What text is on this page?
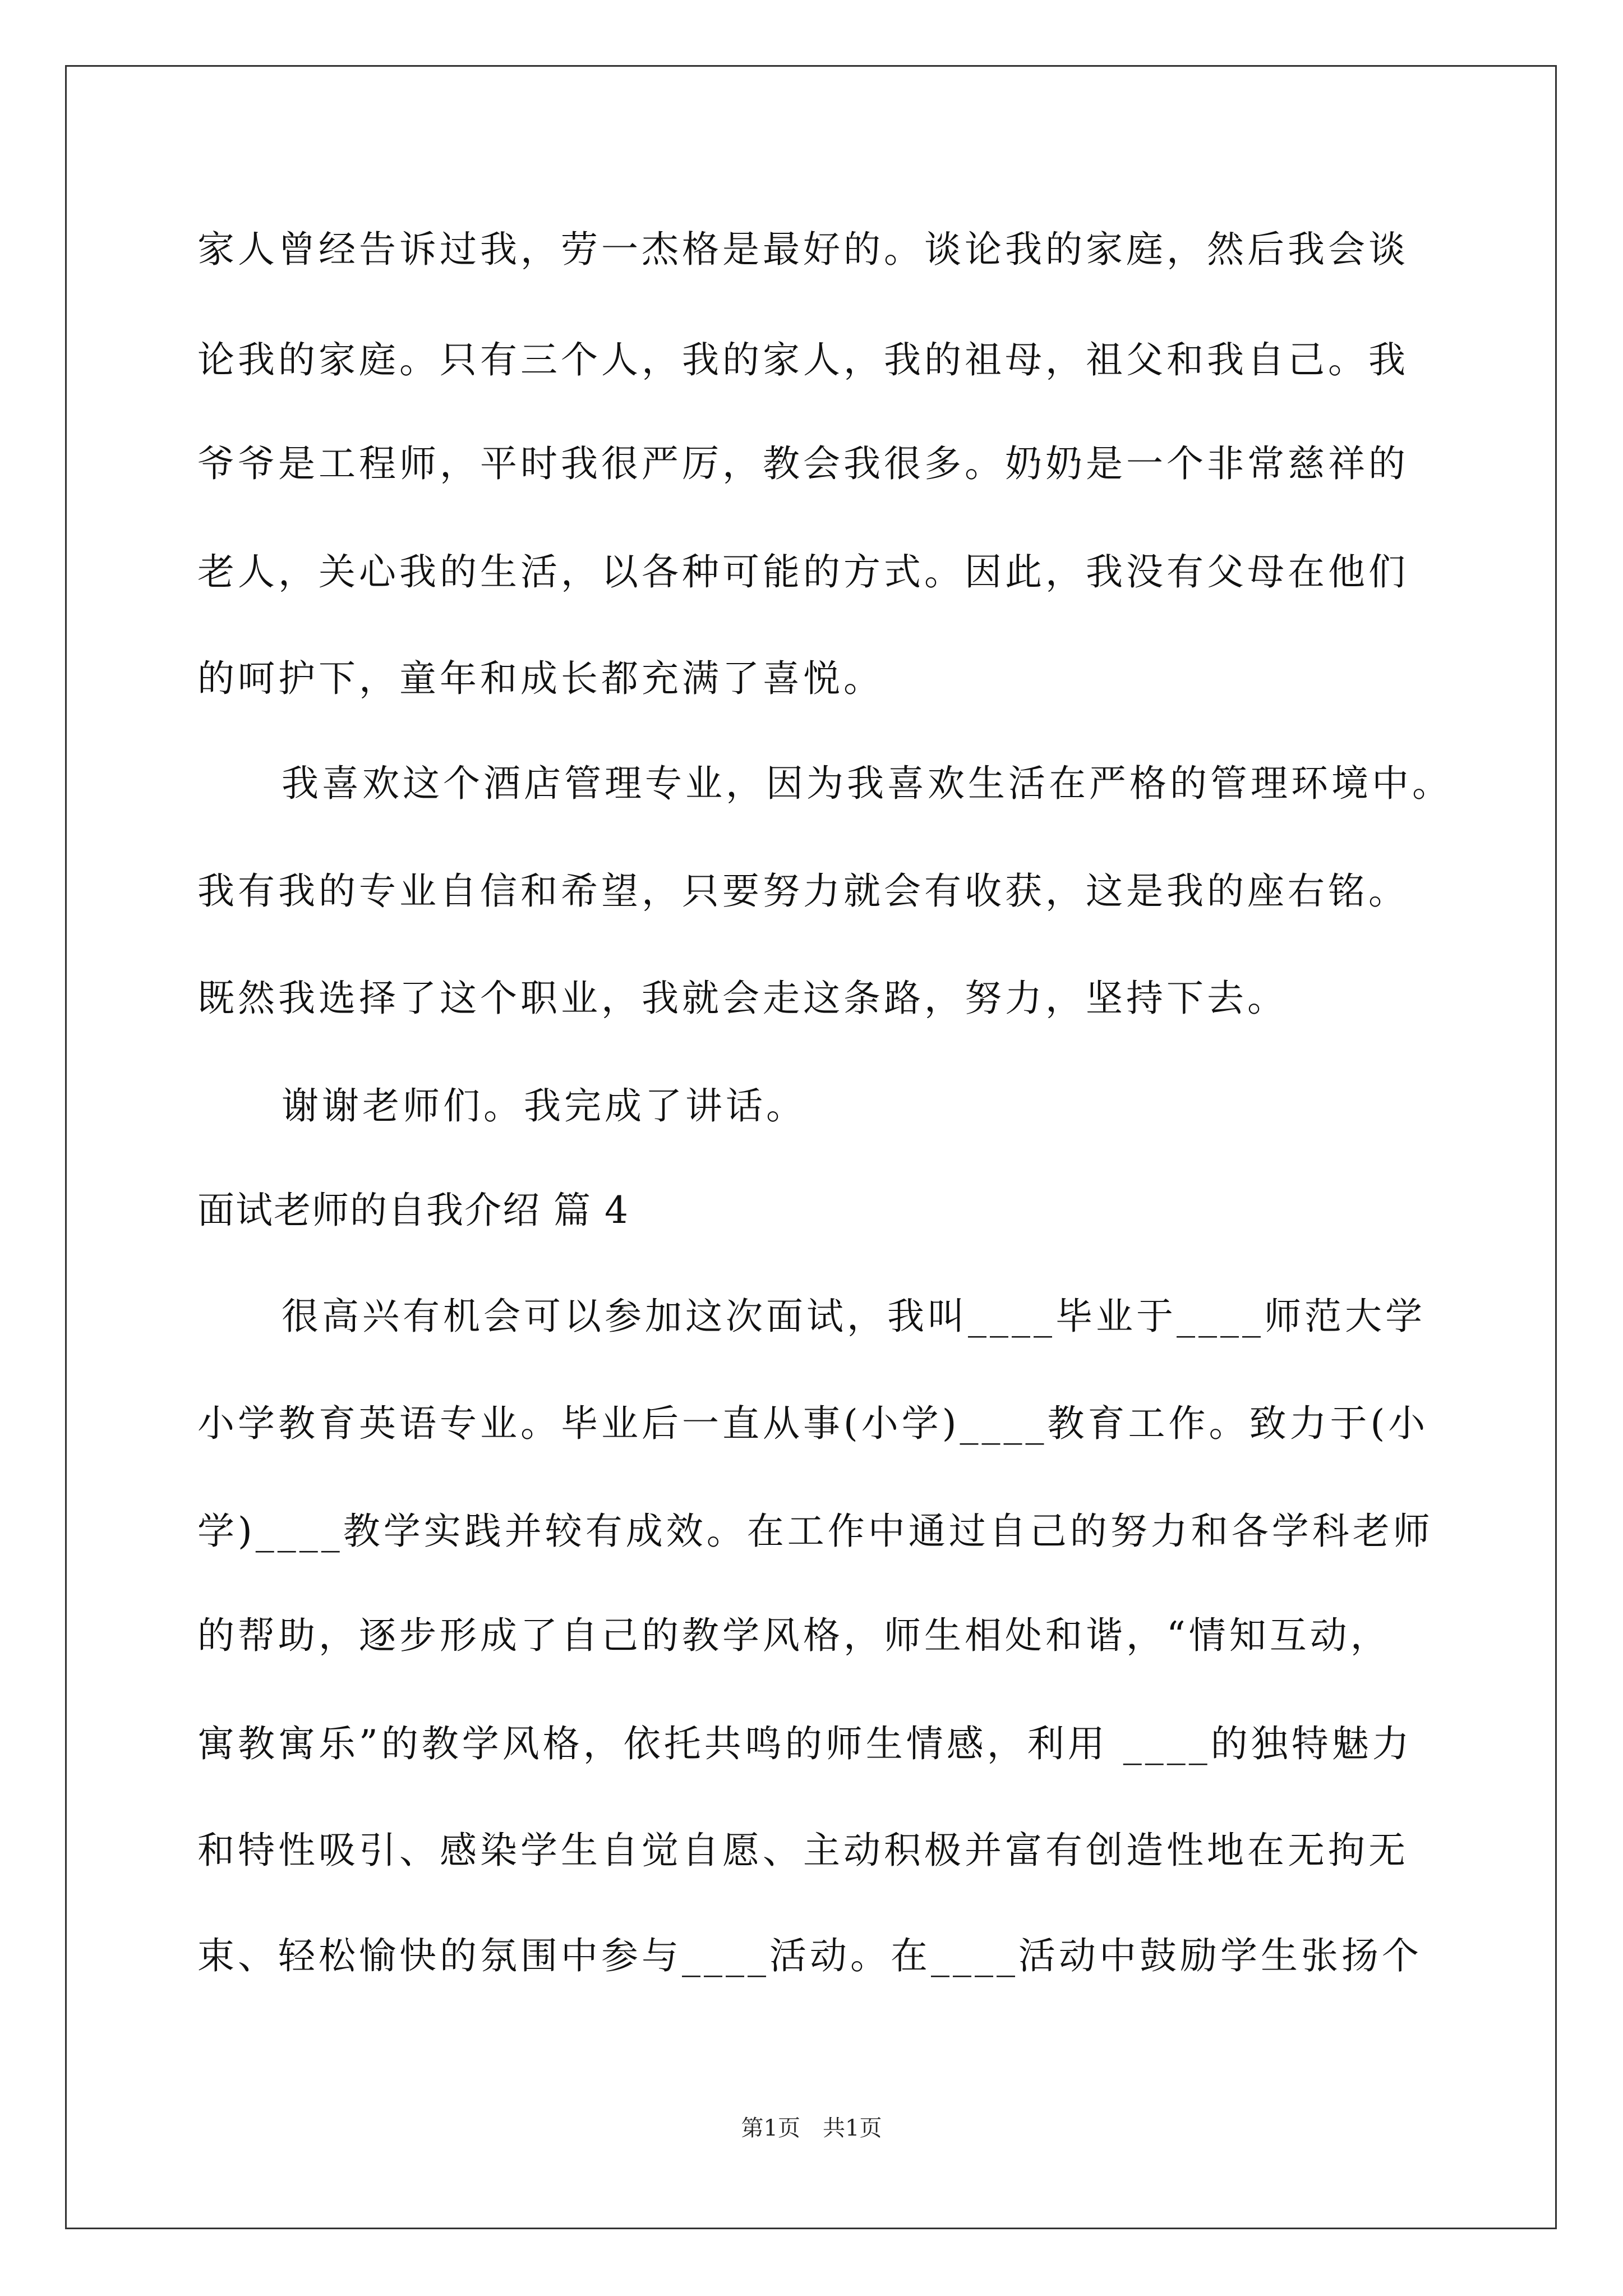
家人曾经告诉过我，劳一杰格是最好的。谈论我的家庭，然后我会谈
论我的家庭。只有三个人，我的家人，我的祖母，祖父和我自己。我
爷爷是工程师，平时我很严厉，教会我很多。奶奶是一个非常慈祥的
老人，关心我的生活，以各种可能的方式。因此，我没有父母在他们
的呵护下，童年和成长都充满了喜悦。
我喜欢这个酒店管理专业，因为我喜欢生活在严格的管理环境中。
我有我的专业自信和希望，只要努力就会有收获，这是我的座右铭。
既然我选择了这个职业，我就会走这条路，努力，坚持下去。
谢谢老师们。我完成了讲话。
面试老师的自我介绍 篇 4
很高兴有机会可以参加这次面试，我叫____毕业于____师范大学
小学教育英语专业。毕业后一直从事(小学)____教育工作。致力于(小
学)____教学实践并较有成效。在工作中通过自己的努力和各学科老师
的帮助，逐步形成了自己的教学风格，师生相处和谐，“情知互动，
寓教寓乐”的教学风格，依托共鸣的师生情感，利用 ____的独特魅力
和特性吸引、感染学生自觉自愿、主动积极并富有创造性地在无拘无
束、轻松愉快的氛围中参与____活动。在____活动中鼓励学生张扬个
第1页 共1页
